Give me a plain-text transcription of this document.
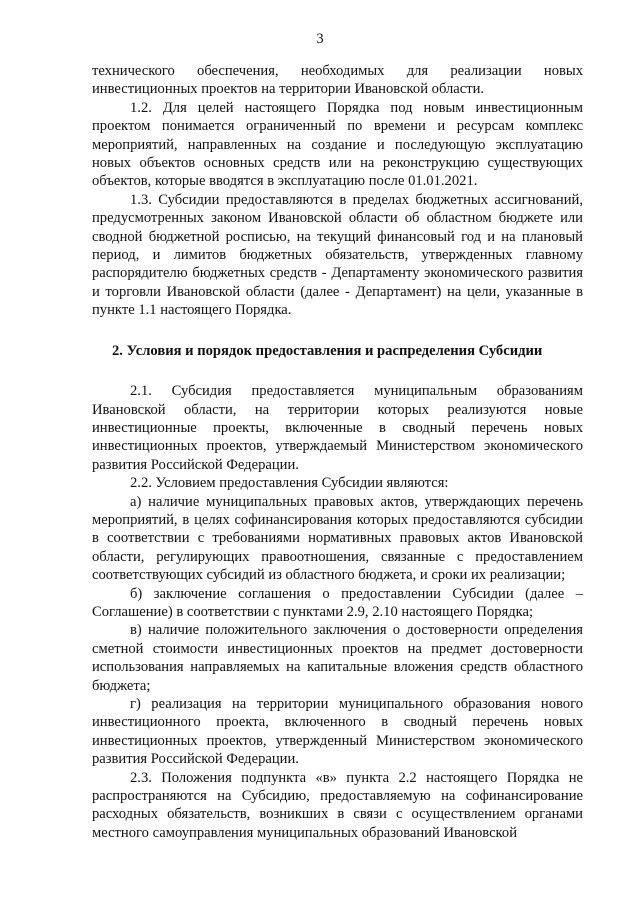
3

технического обеспечения, необходимых для реализации новых инвестиционных проектов на территории Ивановской области.

1.2. Для целей настоящего Порядка под новым инвестиционным проектом понимается ограниченный по времени и ресурсам комплекс мероприятий, направленных на создание и последующую эксплуатацию новых объектов основных средств или на реконструкцию существующих объектов, которые вводятся в эксплуатацию после 01.01.2021.

1.3. Субсидии предоставляются в пределах бюджетных ассигнований, предусмотренных законом Ивановской области об областном бюджете или сводной бюджетной росписью, на текущий финансовый год и на плановый период, и лимитов бюджетных обязательств, утвержденных главному распорядителю бюджетных средств - Департаменту экономического развития и торговли Ивановской области (далее - Департамент) на цели, указанные в пункте 1.1 настоящего Порядка.

2. Условия и порядок предоставления и распределения Субсидии

2.1. Субсидия предоставляется муниципальным образованиям Ивановской области, на территории которых реализуются новые инвестиционные проекты, включенные в сводный перечень новых инвестиционных проектов, утверждаемый Министерством экономического развития Российской Федерации.

2.2. Условием предоставления Субсидии являются:

а) наличие муниципальных правовых актов, утверждающих перечень мероприятий, в целях софинансирования которых предоставляются субсидии в соответствии с требованиями нормативных правовых актов Ивановской области, регулирующих правоотношения, связанные с предоставлением соответствующих субсидий из областного бюджета, и сроки их реализации;

б) заключение соглашения о предоставлении Субсидии (далее – Соглашение) в соответствии с пунктами 2.9, 2.10 настоящего Порядка;

в) наличие положительного заключения о достоверности определения сметной стоимости инвестиционных проектов на предмет достоверности использования направляемых на капитальные вложения средств областного бюджета;

г) реализация на территории муниципального образования нового инвестиционного проекта, включенного в сводный перечень новых инвестиционных проектов, утвержденный Министерством экономического развития Российской Федерации.

2.3. Положения подпункта «в» пункта 2.2 настоящего Порядка не распространяются на Субсидию, предоставляемую на софинансирование расходных обязательств, возникших в связи с осуществлением органами местного самоуправления муниципальных образований Ивановской
